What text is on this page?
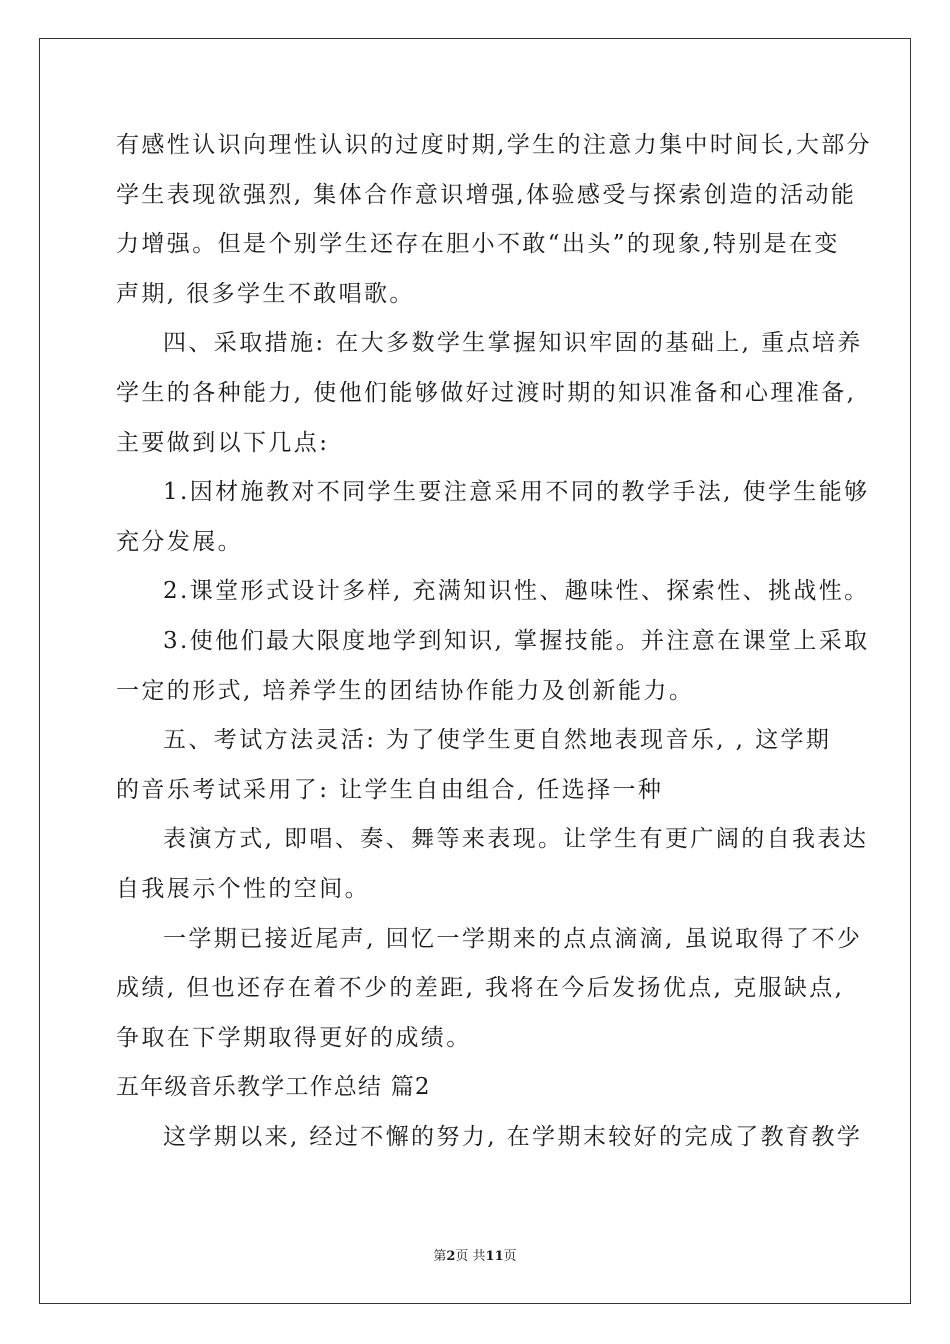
有感性认识向理性认识的过度时期,学生的注意力集中时间长,大部分
学生表现欲强烈, 集体合作意识增强,体验感受与探索创造的活动能
力增强。但是个别学生还存在胆小不敢“出头”的现象,特别是在变
声期, 很多学生不敢唱歌。
四、采取措施: 在大多数学生掌握知识牢固的基础上, 重点培养
学生的各种能力, 使他们能够做好过渡时期的知识准备和心理准备,
主要做到以下几点:
1.因材施教对不同学生要注意采用不同的教学手法, 使学生能够
充分发展。
2.课堂形式设计多样, 充满知识性、趣味性、探索性、挑战性。
3.使他们最大限度地学到知识, 掌握技能。并注意在课堂上采取
一定的形式, 培养学生的团结协作能力及创新能力。
五、考试方法灵活: 为了使学生更自然地表现音乐, , 这学期
的音乐考试采用了: 让学生自由组合, 任选择一种
表演方式, 即唱、奏、舞等来表现。让学生有更广阔的自我表达
自我展示个性的空间。
一学期已接近尾声, 回忆一学期来的点点滴滴, 虽说取得了不少
成绩, 但也还存在着不少的差距, 我将在今后发扬优点, 克服缺点,
争取在下学期取得更好的成绩。
五年级音乐教学工作总结 篇2
这学期以来, 经过不懈的努力, 在学期末较好的完成了教育教学
第2页 共11页
